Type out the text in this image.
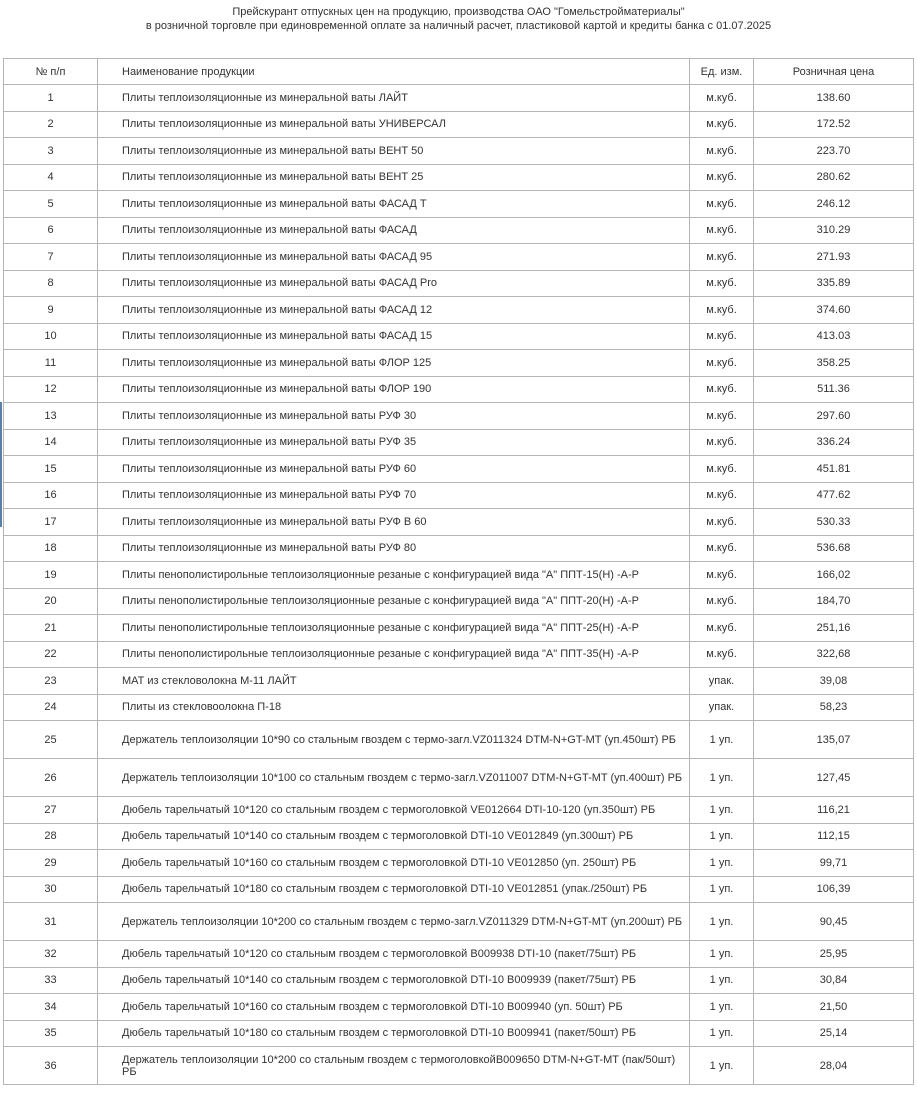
Прейскурант отпускных цен на продукцию, производства ОАО "Гомельстройматериалы"
в розничной торговле при единовременной оплате за наличный расчет, пластиковой картой и кредиты банка с 01.07.2025
№ п/п	Наименование продукции	Ед. изм.	Розничная цена
1	Плиты теплоизоляционные из минеральной ваты ЛАЙТ	м.куб.	138.60
2	Плиты теплоизоляционные из минеральной ваты УНИВЕРСАЛ	м.куб.	172.52
3	Плиты теплоизоляционные из минеральной ваты ВЕНТ 50	м.куб.	223.70
4	Плиты теплоизоляционные из минеральной ваты ВЕНТ 25	м.куб.	280.62
5	Плиты теплоизоляционные из минеральной ваты ФАСАД Т	м.куб.	246.12
6	Плиты теплоизоляционные из минеральной ваты ФАСАД	м.куб.	310.29
7	Плиты теплоизоляционные из минеральной ваты ФАСАД 95	м.куб.	271.93
8	Плиты теплоизоляционные из минеральной ваты ФАСАД Pro	м.куб.	335.89
9	Плиты теплоизоляционные из минеральной ваты ФАСАД 12	м.куб.	374.60
10	Плиты теплоизоляционные из минеральной ваты ФАСАД 15	м.куб.	413.03
11	Плиты теплоизоляционные из минеральной ваты ФЛОР 125	м.куб.	358.25
12	Плиты теплоизоляционные из минеральной ваты ФЛОР 190	м.куб.	511.36
13	Плиты теплоизоляционные из минеральной ваты РУФ 30	м.куб.	297.60
14	Плиты теплоизоляционные из минеральной ваты РУФ 35	м.куб.	336.24
15	Плиты теплоизоляционные из минеральной ваты РУФ 60	м.куб.	451.81
16	Плиты теплоизоляционные из минеральной ваты РУФ 70	м.куб.	477.62
17	Плиты теплоизоляционные из минеральной ваты РУФ В 60	м.куб.	530.33
18	Плиты теплоизоляционные из минеральной ваты РУФ 80	м.куб.	536.68
19	Плиты пенополистирольные теплоизоляционные резаные с конфигурацией вида "А" ППТ-15(Н) -А-Р	м.куб.	166,02
20	Плиты пенополистирольные теплоизоляционные резаные с конфигурацией вида "А" ППТ-20(Н) -А-Р	м.куб.	184,70
21	Плиты пенополистирольные теплоизоляционные резаные с конфигурацией вида "А" ППТ-25(Н) -А-Р	м.куб.	251,16
22	Плиты пенополистирольные теплоизоляционные резаные с конфигурацией вида "А" ППТ-35(Н) -А-Р	м.куб.	322,68
23	МАТ из стекловолокна М-11 ЛАЙТ	упак.	39,08
24	Плиты из стекловоолокна П-18	упак.	58,23
25	Держатель теплоизоляции 10*90 со стальным гвоздем с термо-загл.VZ011324 DTM-N+GT-MT (уп.450шт) РБ	1 уп.	135,07
26	Держатель теплоизоляции 10*100 со стальным гвоздем с термо-загл.VZ011007 DTM-N+GT-MT (уп.400шт) РБ	1 уп.	127,45
27	Дюбель тарельчатый 10*120 со стальным гвоздем с термоголовкой VE012664 DTI-10-120 (уп.350шт) РБ	1 уп.	116,21
28	Дюбель тарельчатый 10*140 со стальным гвоздем с термоголовкой DTI-10 VE012849 (уп.300шт) РБ	1 уп.	112,15
29	Дюбель тарельчатый 10*160 со стальным гвоздем с термоголовкой DTI-10 VE012850 (уп. 250шт) РБ	1 уп.	99,71
30	Дюбель тарельчатый 10*180 со стальным гвоздем с термоголовкой DTI-10 VE012851 (упак./250шт) РБ	1 уп.	106,39
31	Держатель теплоизоляции 10*200 со стальным гвоздем с термо-загл.VZ011329 DTM-N+GT-MT (уп.200шт) РБ	1 уп.	90,45
32	Дюбель тарельчатый 10*120 со стальным гвоздем с термоголовкой В009938 DTI-10 (пакет/75шт) РБ	1 уп.	25,95
33	Дюбель тарельчатый 10*140 со стальным гвоздем с термоголовкой DTI-10 В009939 (пакет/75шт) РБ	1 уп.	30,84
34	Дюбель тарельчатый 10*160 со стальным гвоздем с термоголовкой DTI-10 В009940 (уп. 50шт) РБ	1 уп.	21,50
35	Дюбель тарельчатый 10*180 со стальным гвоздем с термоголовкой DTI-10 В009941 (пакет/50шт) РБ	1 уп.	25,14
36	Держатель теплоизоляции 10*200 со стальным гвоздем с термоголовкойВ009650 DTM-N+GT-MT (пак/50шт) РБ	1 уп.	28,04
